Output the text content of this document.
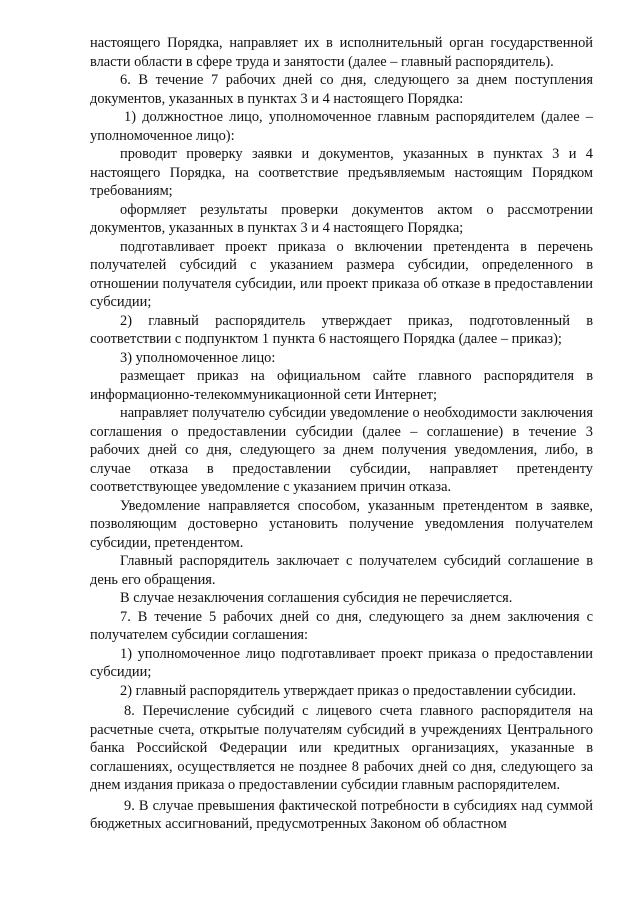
настоящего Порядка, направляет их в исполнительный орган государственной власти области в сфере труда и занятости (далее – главный распорядитель).

6. В течение 7 рабочих дней со дня, следующего за днем поступления документов, указанных в пунктах 3 и 4 настоящего Порядка:

1) должностное лицо, уполномоченное главным распорядителем (далее – уполномоченное лицо):

проводит проверку заявки и документов, указанных в пунктах 3 и 4 настоящего Порядка, на соответствие предъявляемым настоящим Порядком требованиям;

оформляет результаты проверки документов актом о рассмотрении документов, указанных в пунктах 3 и 4 настоящего Порядка;

подготавливает проект приказа о включении претендента в перечень получателей субсидий с указанием размера субсидии, определенного в отношении получателя субсидии, или проект приказа об отказе в предоставлении субсидии;

2) главный распорядитель утверждает приказ, подготовленный в соответствии с подпунктом 1 пункта 6 настоящего Порядка (далее – приказ);

3) уполномоченное лицо:

размещает приказ на официальном сайте главного распорядителя в информационно-телекоммуникационной сети Интернет;

направляет получателю субсидии уведомление о необходимости заключения соглашения о предоставлении субсидии (далее – соглашение) в течение 3 рабочих дней со дня, следующего за днем получения уведомления, либо, в случае отказа в предоставлении субсидии, направляет претенденту соответствующее уведомление с указанием причин отказа.

Уведомление направляется способом, указанным претендентом в заявке, позволяющим достоверно установить получение уведомления получателем субсидии, претендентом.

Главный распорядитель заключает с получателем субсидий соглашение в день его обращения.

В случае незаключения соглашения субсидия не перечисляется.

7. В течение 5 рабочих дней со дня, следующего за днем заключения с получателем субсидии соглашения:

1) уполномоченное лицо подготавливает проект приказа о предоставлении субсидии;

2) главный распорядитель утверждает приказ о предоставлении субсидии.

8. Перечисление субсидий с лицевого счета главного распорядителя на расчетные счета, открытые получателям субсидий в учреждениях Центрального банка Российской Федерации или кредитных организациях, указанные в соглашениях, осуществляется не позднее 8 рабочих дней со дня, следующего за днем издания приказа о предоставлении субсидии главным распорядителем.

9. В случае превышения фактической потребности в субсидиях над суммой бюджетных ассигнований, предусмотренных Законом об областном
